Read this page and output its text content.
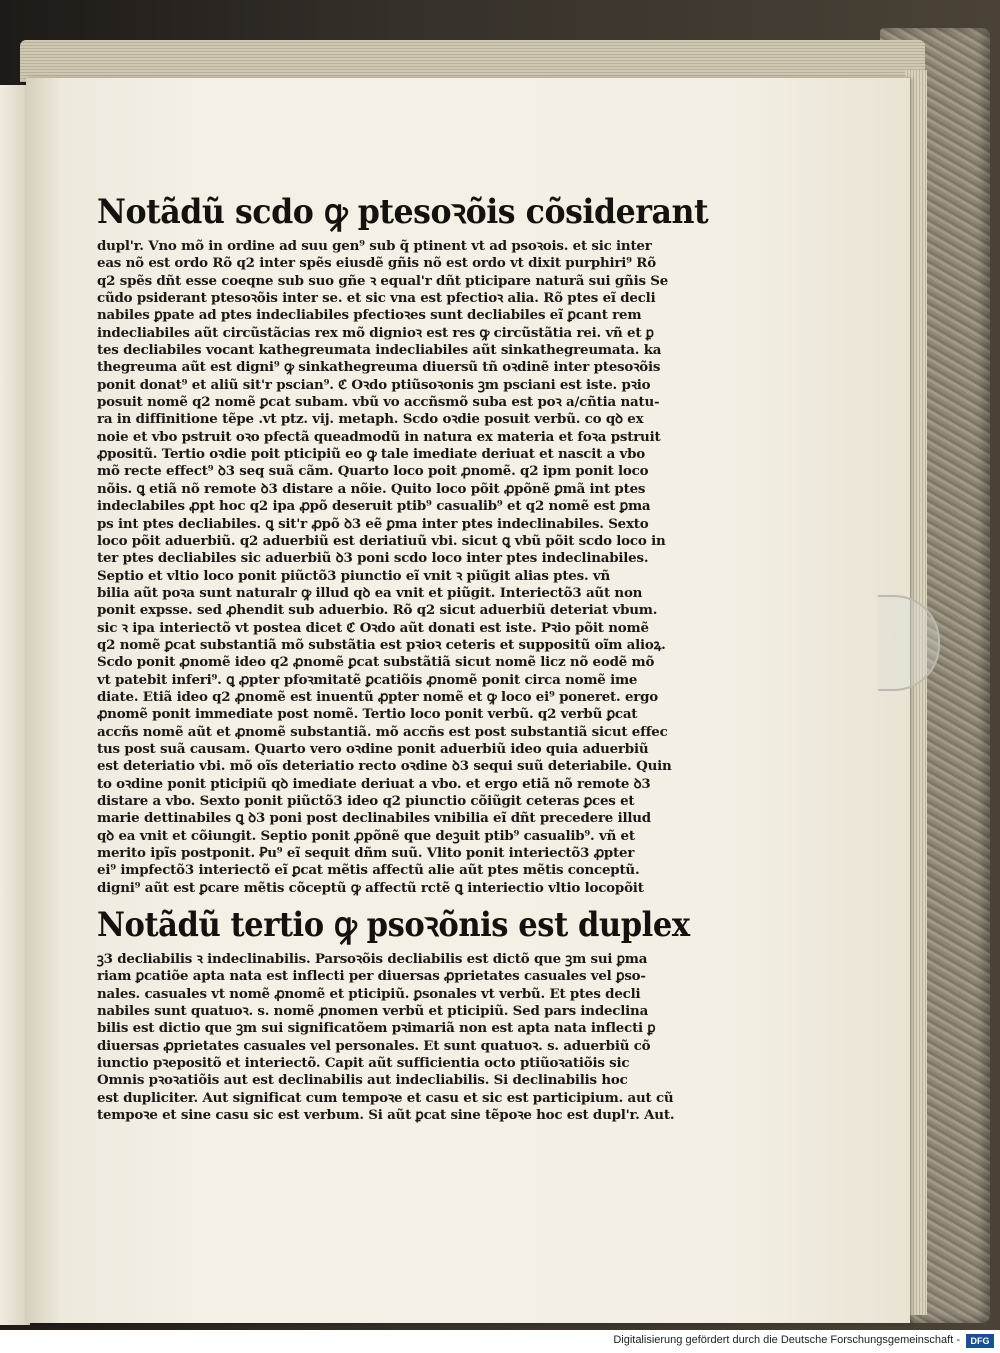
Notãdũ scdo ꝙ ptesoꝛõis cõsiderant
dupl'r. Vno mõ in ordine ad suu gen⁹ sub q̃ ptinent vt ad psoꝛois. et sic inter
eas nõ est ordo Rõ q2 inter spẽs eiusdẽ gñis nõ est ordo vt dixit purphiri⁹ Rõ
q2 spẽs dñt esse coeqne sub suo gñe ꝛ equal'r dñt pticipare naturã sui gñis Se
cũdo psiderant ptesoꝛõis inter se. et sic vna est pfectioꝛ alia. Rõ ptes eĩ decli
nabiles ꝑpate ad ptes indecliabiles pfectioꝛes sunt decliabiles eĩ ꝑcant rem
indecliabiles aũt circũstãcias rex mõ dignioꝛ est res ꝙ circũstãtia rei. vñ et ꝑ
tes decliabiles vocant kathegreumata indecliabiles aũt sinkathegreumata. ka
thegreuma aũt est digni⁹ ꝙ sinkathegreuma diuersũ tñ oꝛdinẽ inter ptesoꝛõis
ponit donat⁹ et aliũ sit'r pscian⁹. ℭ Oꝛdo ptiũsoꝛonis ꝫm psciani est iste. pꝛio
posuit nomẽ q2 nomẽ ꝑcat subam. vbũ vo accñsmõ suba est poꝛ a/cñtia natu-
ra in diffinitione tẽpe .vt ptz. vij. metaph. Scdo oꝛdie posuit verbũ. co qꝺ ex
noie et vbo pstruit oꝛo pfectã queadmodũ in natura ex materia et foꝛa pstruit
ꝓpositũ. Tertio oꝛdie poit pticipiũ eo ꝙ tale imediate deriuat et nascit a vbo
mõ recte effect⁹ ꝺ3 seq suã cãm. Quarto loco poit ꝓnomẽ. q2 ipm ponit loco
nõis. ꝗ etiã nõ remote ꝺ3 distare a nõie. Quito loco põit ꝓpõnẽ ꝑmã int ptes
indeclabiles ꝓpt hoc q2 ipa ꝓpõ deseruit ptib⁹ casualib⁹ et q2 nomẽ est ꝑma
ps int ptes decliabiles. ꝗ sit'r ꝓpõ ꝺ3 eẽ ꝑma inter ptes indeclinabiles. Sexto
loco põit aduerbiũ. q2 aduerbiũ est deriatiuũ vbi. sicut ꝗ vbũ põit scdo loco in
ter ptes decliabiles sic aduerbiũ ꝺ3 poni scdo loco inter ptes indeclinabiles.
Septio et vltio loco ponit piũctõ3 piunctio eĩ vnit ꝛ piũgit alias ptes. vñ
bilia aũt poꝛa sunt naturalr ꝙ illud qꝺ ea vnit et piũgit. Interiectõ3 aũt non
ponit expsse. sed ꝓhendit sub aduerbio. Rõ q2 sicut aduerbiũ deteriat vbum.
sic ꝛ ipa interiectõ vt postea dicet ℭ Oꝛdo aũt donati est iste. Pꝛio põit nomẽ
q2 nomẽ ꝑcat substantiã mõ substãtia est pꝛioꝛ ceteris et suppositũ oĩm alioꝝ.
Scdo ponit ꝓnomẽ ideo q2 ꝓnomẽ ꝑcat substãtiã sicut nomẽ licz nõ eodẽ mõ
vt patebit inferi⁹. ꝗ ꝓpter pfoꝛmitatẽ ꝑcatiõis ꝓnomẽ ponit circa nomẽ ime
diate. Etiã ideo q2 ꝓnomẽ est inuentũ ꝓpter nomẽ et ꝙ loco ei⁹ poneret. ergo
ꝓnomẽ ponit immediate post nomẽ. Tertio loco ponit verbũ. q2 verbũ ꝑcat
accñs nomẽ aũt et ꝓnomẽ substantiã. mõ accñs est post substantiã sicut effec
tus post suã causam. Quarto vero oꝛdine ponit aduerbiũ ideo quia aduerbiũ
est deteriatio vbi. mõ oĩs deteriatio recto oꝛdine ꝺ3 sequi suũ deteriabile. Quin
to oꝛdine ponit pticipiũ qꝺ imediate deriuat a vbo. et ergo etiã nõ remote ꝺ3
distare a vbo. Sexto ponit piũctõ3 ideo q2 piunctio cõiũgit ceteras ꝑces et
marie dettinabiles ꝗ ꝺ3 poni post declinabiles vnibilia eĩ dñt precedere illud
qꝺ ea vnit et cõiungit. Septio ponit ꝓpõnẽ que deꝫuit ptib⁹ casualib⁹. vñ et
merito ipĩs postponit. Ꝑu⁹ eĩ sequit dñm suũ. Vlito ponit interiectõ3 ꝓpter
ei⁹ impfectõ3 interiectõ eĩ ꝑcat mẽtis affectũ alie aũt ptes mẽtis conceptũ.
digni⁹ aũt est ꝑcare mẽtis cõceptũ ꝙ affectũ rctẽ ꝗ interiectio vltio locopõit
Notãdũ tertio ꝙ psoꝛõnis est duplex
ꝫ3 decliabilis ꝛ indeclinabilis. Parsoꝛõis decliabilis est dictõ que ꝫm sui ꝑma
riam ꝑcatiõe apta nata est inflecti per diuersas ꝓprietates casuales vel ꝑso-
nales. casuales vt nomẽ ꝓnomẽ et pticipiũ. ꝑsonales vt verbũ. Et ptes decli
nabiles sunt quatuoꝛ. s. nomẽ ꝓnomen verbũ et pticipiũ. Sed pars indeclina
bilis est dictio que ꝫm sui significatõem pꝛimariã non est apta nata inflecti ꝑ
diuersas ꝓprietates casuales vel personales. Et sunt quatuoꝛ. s. aduerbiũ cõ
iunctio pꝛepositõ et interiectõ. Capit aũt sufficientia octo ptiũoꝛatiõis sic
Omnis pꝛoꝛatiõis aut est declinabilis aut indecliabilis. Si declinabilis hoc
est dupliciter. Aut significat cum tempoꝛe et casu et sic est participium. aut cũ
tempoꝛe et sine casu sic est verbum. Si aũt ꝑcat sine tẽpoꝛe hoc est dupl'r. Aut.
Digitalisierung gefördert durch die Deutsche Forschungsgemeinschaft -	DFG
